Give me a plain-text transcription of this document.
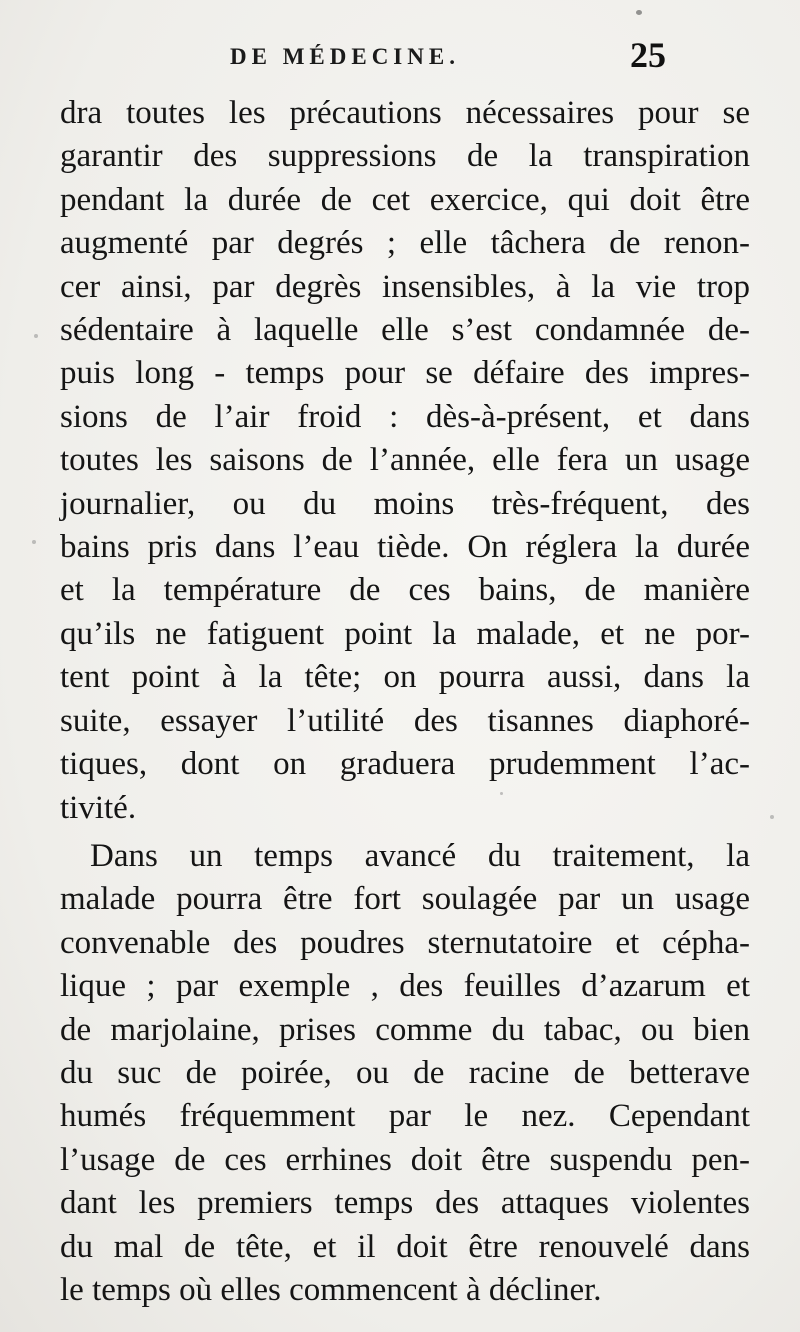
DE MÉDECINE.	25

dra toutes les précautions nécessaires pour se
garantir des suppressions de la transpiration
pendant la durée de cet exercice, qui doit être
augmenté par degrés ; elle tâchera de renon-
cer ainsi, par degrès insensibles, à la vie trop
sédentaire à laquelle elle s’est condamnée de-
puis long - temps pour se défaire des impres-
sions de l’air froid : dès-à-présent, et dans
toutes les saisons de l’année, elle fera un usage
journalier, ou du moins très-fréquent, des
bains pris dans l’eau tiède. On réglera la durée
et la température de ces bains, de manière
qu’ils ne fatiguent point la malade, et ne por-
tent point à la tête; on pourra aussi, dans la
suite, essayer l’utilité des tisannes diaphoré-
tiques, dont on graduera prudemment l’ac-
tivité.

Dans un temps avancé du traitement, la
malade pourra être fort soulagée par un usage
convenable des poudres sternutatoire et cépha-
lique ; par exemple , des feuilles d’azarum et
de marjolaine, prises comme du tabac, ou bien
du suc de poirée, ou de racine de betterave
humés fréquemment par le nez. Cependant
l’usage de ces errhines doit être suspendu pen-
dant les premiers temps des attaques violentes
du mal de tête, et il doit être renouvelé dans
le temps où elles commencent à décliner.
